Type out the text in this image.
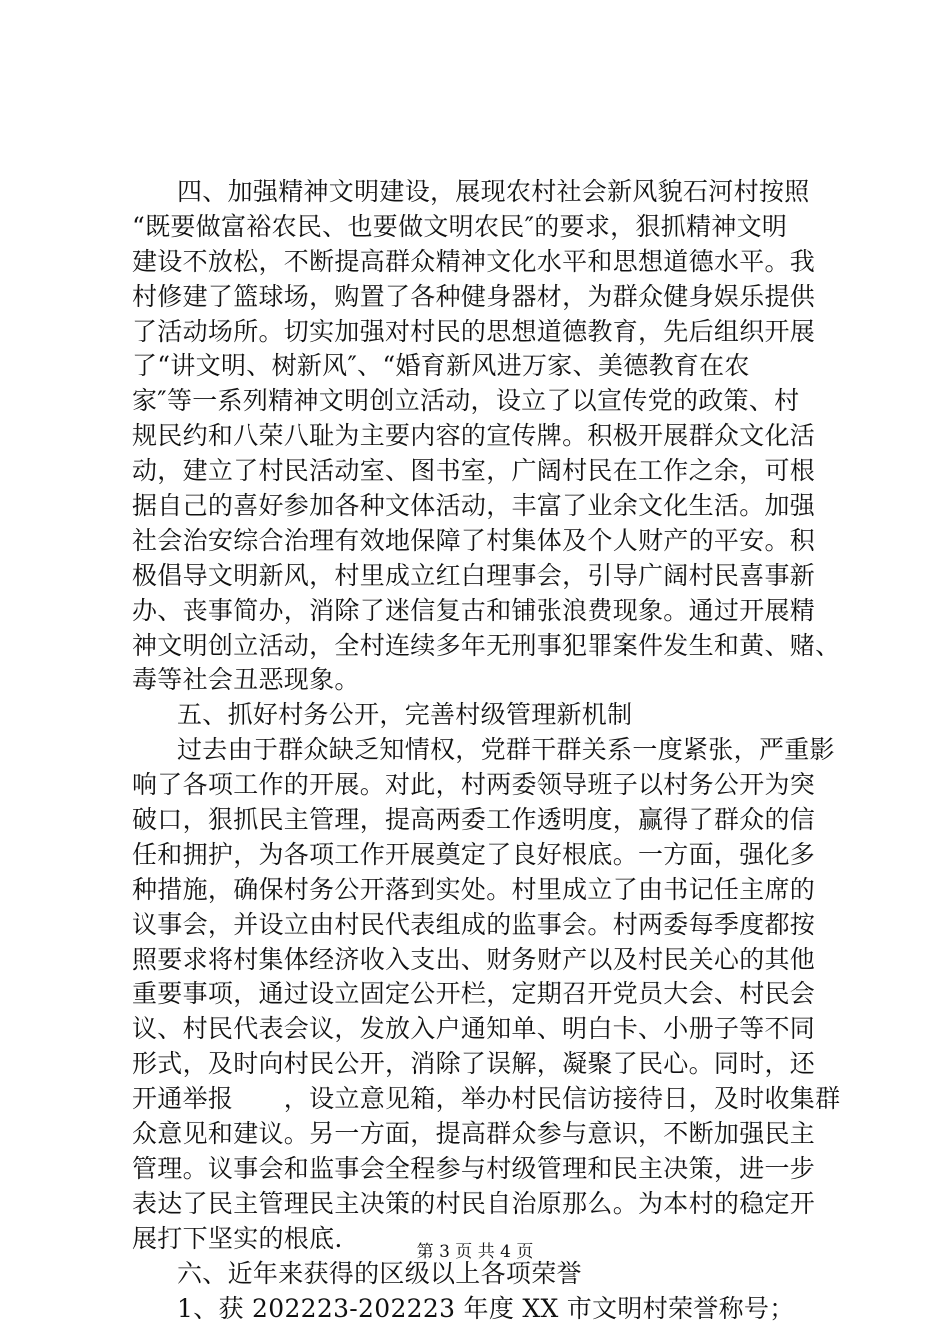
四、加强精神文明建设，展现农村社会新风貌石河村按照
“既要做富裕农民、也要做文明农民″的要求，狠抓精神文明
建设不放松，不断提高群众精神文化水平和思想道德水平。我
村修建了篮球场，购置了各种健身器材，为群众健身娱乐提供
了活动场所。切实加强对村民的思想道德教育，先后组织开展
了“讲文明、树新风″、“婚育新风进万家、美德教育在农
家″等一系列精神文明创立活动，设立了以宣传党的政策、村
规民约和八荣八耻为主要内容的宣传牌。积极开展群众文化活
动，建立了村民活动室、图书室，广阔村民在工作之余，可根
据自己的喜好参加各种文体活动，丰富了业余文化生活。加强
社会治安综合治理有效地保障了村集体及个人财产的平安。积
极倡导文明新风，村里成立红白理事会，引导广阔村民喜事新
办、丧事简办，消除了迷信复古和铺张浪费现象。通过开展精
神文明创立活动，全村连续多年无刑事犯罪案件发生和黄、赌、
毒等社会丑恶现象。
五、抓好村务公开，完善村级管理新机制
过去由于群众缺乏知情权，党群干群关系一度紧张，严重影
响了各项工作的开展。对此，村两委领导班子以村务公开为突
破口，狠抓民主管理，提高两委工作透明度，赢得了群众的信
任和拥护，为各项工作开展奠定了良好根底。一方面，强化多
种措施，确保村务公开落到实处。村里成立了由书记任主席的
议事会，并设立由村民代表组成的监事会。村两委每季度都按
照要求将村集体经济收入支出、财务财产以及村民关心的其他
重要事项，通过设立固定公开栏，定期召开党员大会、村民会
议、村民代表会议，发放入户通知单、明白卡、小册子等不同
形式，及时向村民公开，消除了误解，凝聚了民心。同时，还
开通举报　　，设立意见箱，举办村民信访接待日，及时收集群
众意见和建议。另一方面，提高群众参与意识，不断加强民主
管理。议事会和监事会全程参与村级管理和民主决策，进一步
表达了民主管理民主决策的村民自治原那么。为本村的稳定开
展打下坚实的根底.
六、近年来获得的区级以上各项荣誉
1、获 202223-202223 年度 XX 市文明村荣誉称号；
第 3 页 共 4 页
